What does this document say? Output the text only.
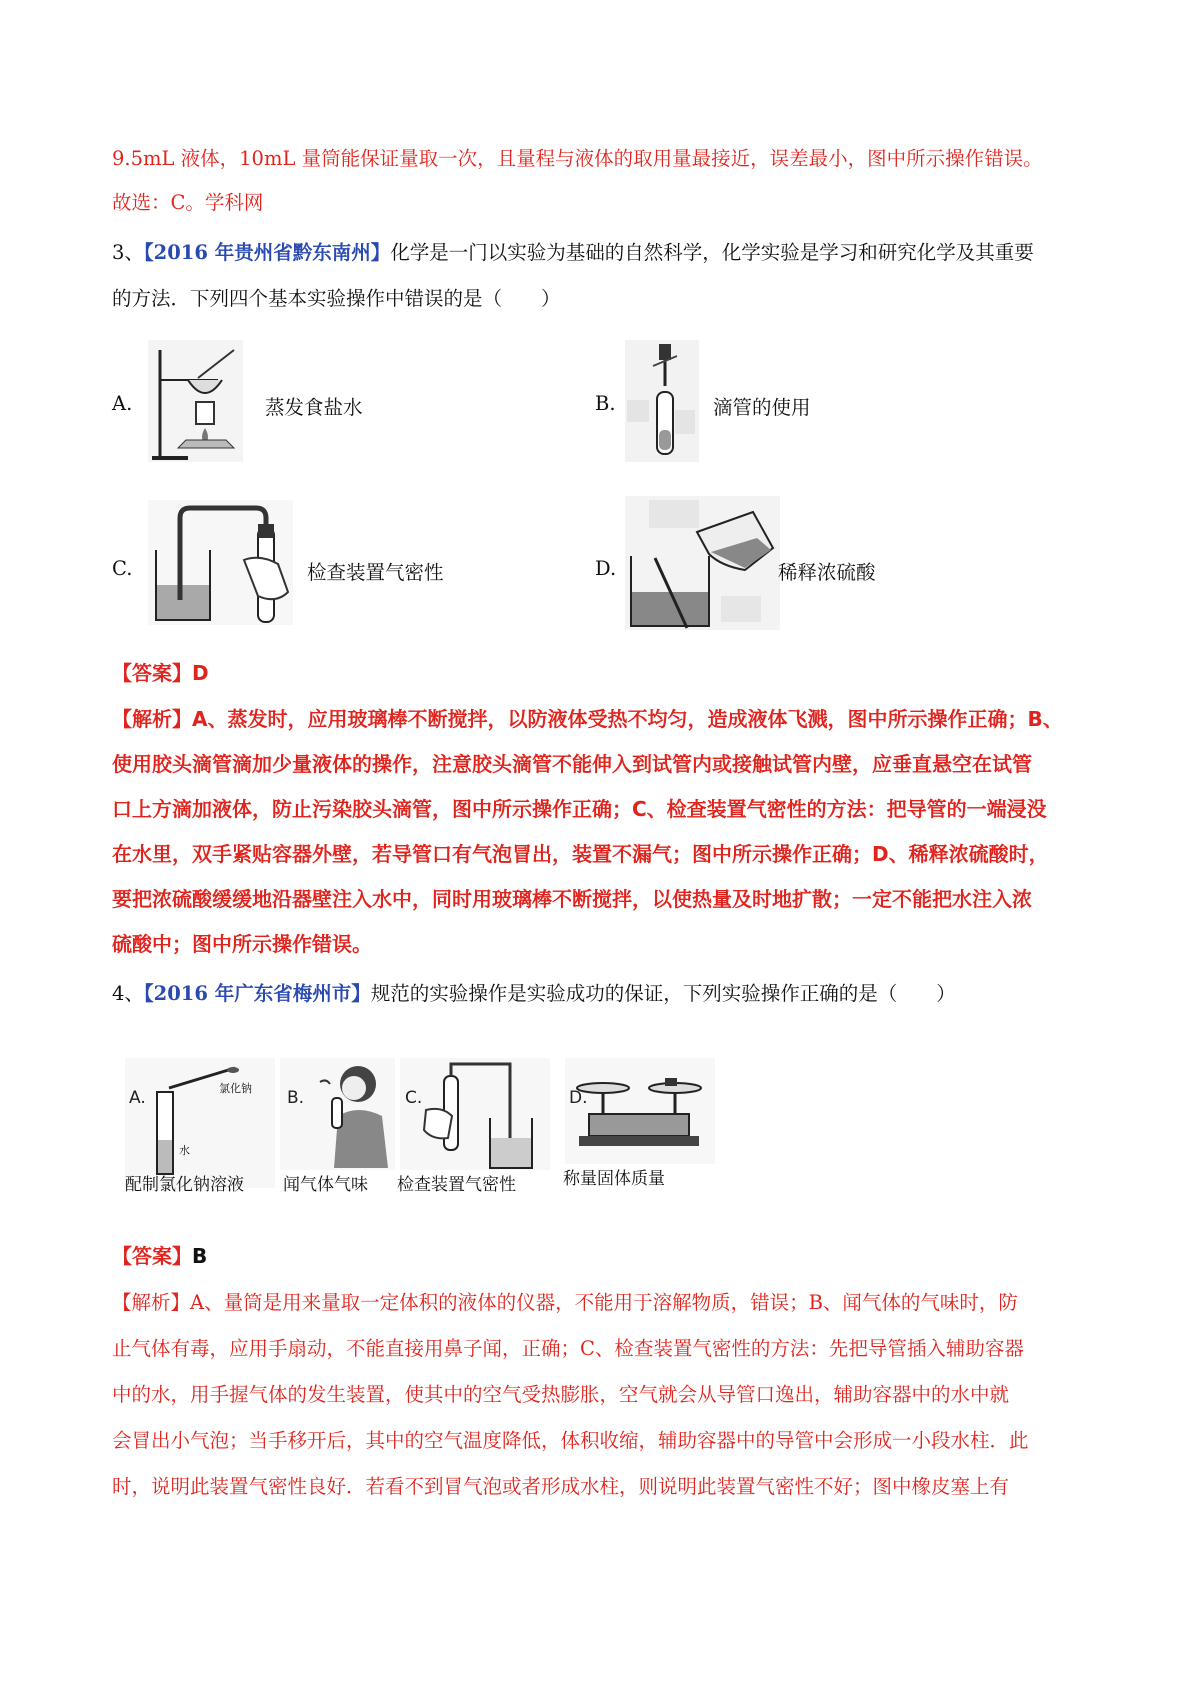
9.5mL 液体，10mL 量筒能保证量取一次，且量程与液体的取用量最接近，误差最小，图中所示操作错误。
故选：C。学科网
3、【2016 年贵州省黔东南州】化学是一门以实验为基础的自然科学，化学实验是学习和研究化学及其重要
的方法．下列四个基本实验操作中错误的是（　　）
A.	蒸发食盐水	B.	滴管的使用
C.	检查装置气密性	D.	稀释浓硫酸
【答案】D
【解析】A、蒸发时，应用玻璃棒不断搅拌，以防液体受热不均匀，造成液体飞溅，图中所示操作正确；B、
使用胶头滴管滴加少量液体的操作，注意胶头滴管不能伸入到试管内或接触试管内壁，应垂直悬空在试管
口上方滴加液体，防止污染胶头滴管，图中所示操作正确；C、检查装置气密性的方法：把导管的一端浸没
在水里，双手紧贴容器外壁，若导管口有气泡冒出，装置不漏气；图中所示操作正确；D、稀释浓硫酸时，
要把浓硫酸缓缓地沿器壁注入水中，同时用玻璃棒不断搅拌，以使热量及时地扩散；一定不能把水注入浓
硫酸中；图中所示操作错误。
4、【2016 年广东省梅州市】规范的实验操作是实验成功的保证，下列实验操作正确的是（　　）
A.	氯化钠
水
配制氯化钠溶液
B.
闻气体气味
C.
检查装置气密性
D.
称量固体质量
【答案】B
【解析】A、量筒是用来量取一定体积的液体的仪器，不能用于溶解物质，错误；B、闻气体的气味时，防
止气体有毒，应用手扇动，不能直接用鼻子闻，正确；C、检查装置气密性的方法：先把导管插入辅助容器
中的水，用手握气体的发生装置，使其中的空气受热膨胀，空气就会从导管口逸出，辅助容器中的水中就
会冒出小气泡；当手移开后，其中的空气温度降低，体积收缩，辅助容器中的导管中会形成一小段水柱．此
时，说明此装置气密性良好．若看不到冒气泡或者形成水柱，则说明此装置气密性不好；图中橡皮塞上有
